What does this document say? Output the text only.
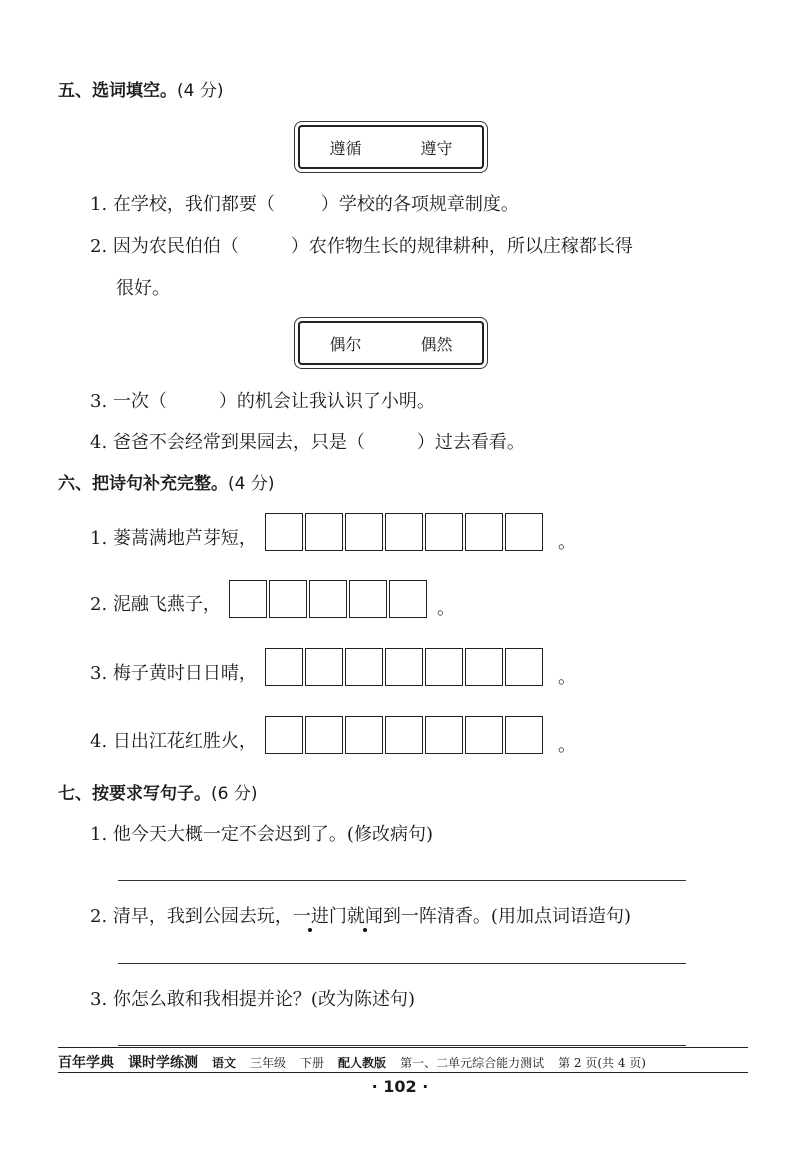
五、选词填空。(4 分)
遵循	遵守
1. 在学校，我们都要（	）学校的各项规章制度。
2. 因为农民伯伯（	）农作物生长的规律耕种，所以庄稼都长得
很好。
偶尔	偶然
3. 一次（	）的机会让我认识了小明。
4. 爸爸不会经常到果园去，只是（	）过去看看。
六、把诗句补充完整。(4 分)
1. 蒌蒿满地芦芽短，	。
2. 泥融飞燕子，	。
3. 梅子黄时日日晴，	。
4. 日出江花红胜火，	。
七、按要求写句子。(6 分)
1. 他今天大概一定不会迟到了。(修改病句)
2. 清早，我到公园去玩，一进门就闻到一阵清香。(用加点词语造句)
3. 你怎么敢和我相提并论？(改为陈述句)
百年学典 课时学练测 语文 三年级 下册 配人教版 第一、二单元综合能力测试 第 2 页(共 4 页)
· 102 ·
